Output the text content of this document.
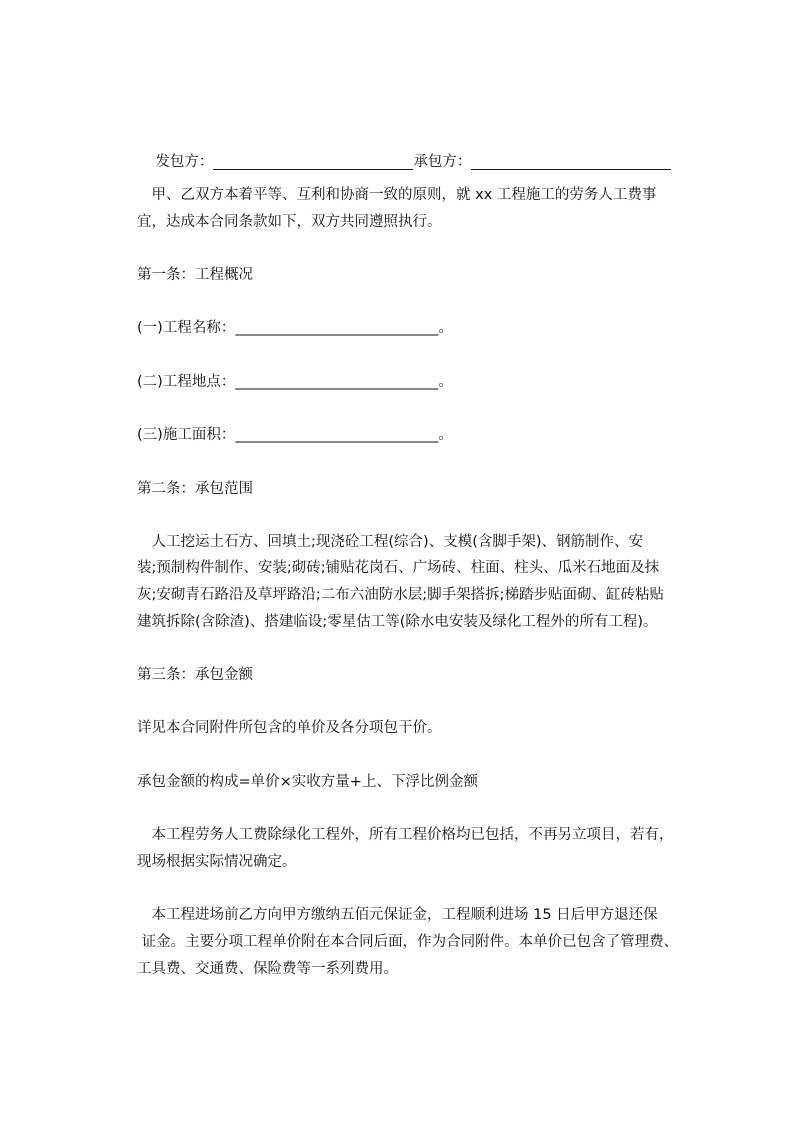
发包方：	承包方：

　甲、乙双方本着平等、互利和协商一致的原则，就 xx 工程施工的劳务人工费事
宜，达成本合同条款如下，双方共同遵照执行。
第一条：工程概况
(一)工程名称：____________________________。
(二)工程地点：____________________________。
(三)施工面积：____________________________。
第二条：承包范围
　人工挖运土石方、回填土;现浇砼工程(综合)、支模(含脚手架)、钢筋制作、安
装;预制构件制作、安装;砌砖;铺贴花岗石、广场砖、柱面、柱头、瓜米石地面及抹
灰;安砌青石路沿及草坪路沿;二布六油防水层;脚手架搭拆;梯踏步贴面砌、缸砖粘贴
建筑拆除(含除渣)、搭建临设;零星估工等(除水电安装及绿化工程外的所有工程)。
第三条：承包金额
详见本合同附件所包含的单价及各分项包干价。
承包金额的构成=单价×实收方量+上、下浮比例金额
　本工程劳务人工费除绿化工程外，所有工程价格均已包括，不再另立项目，若有，
现场根据实际情况确定。
　本工程进场前乙方向甲方缴纳五佰元保证金，工程顺利进场 15 日后甲方退还保
证金。主要分项工程单价附在本合同后面，作为合同附件。本单价已包含了管理费、
工具费、交通费、保险费等一系列费用。
